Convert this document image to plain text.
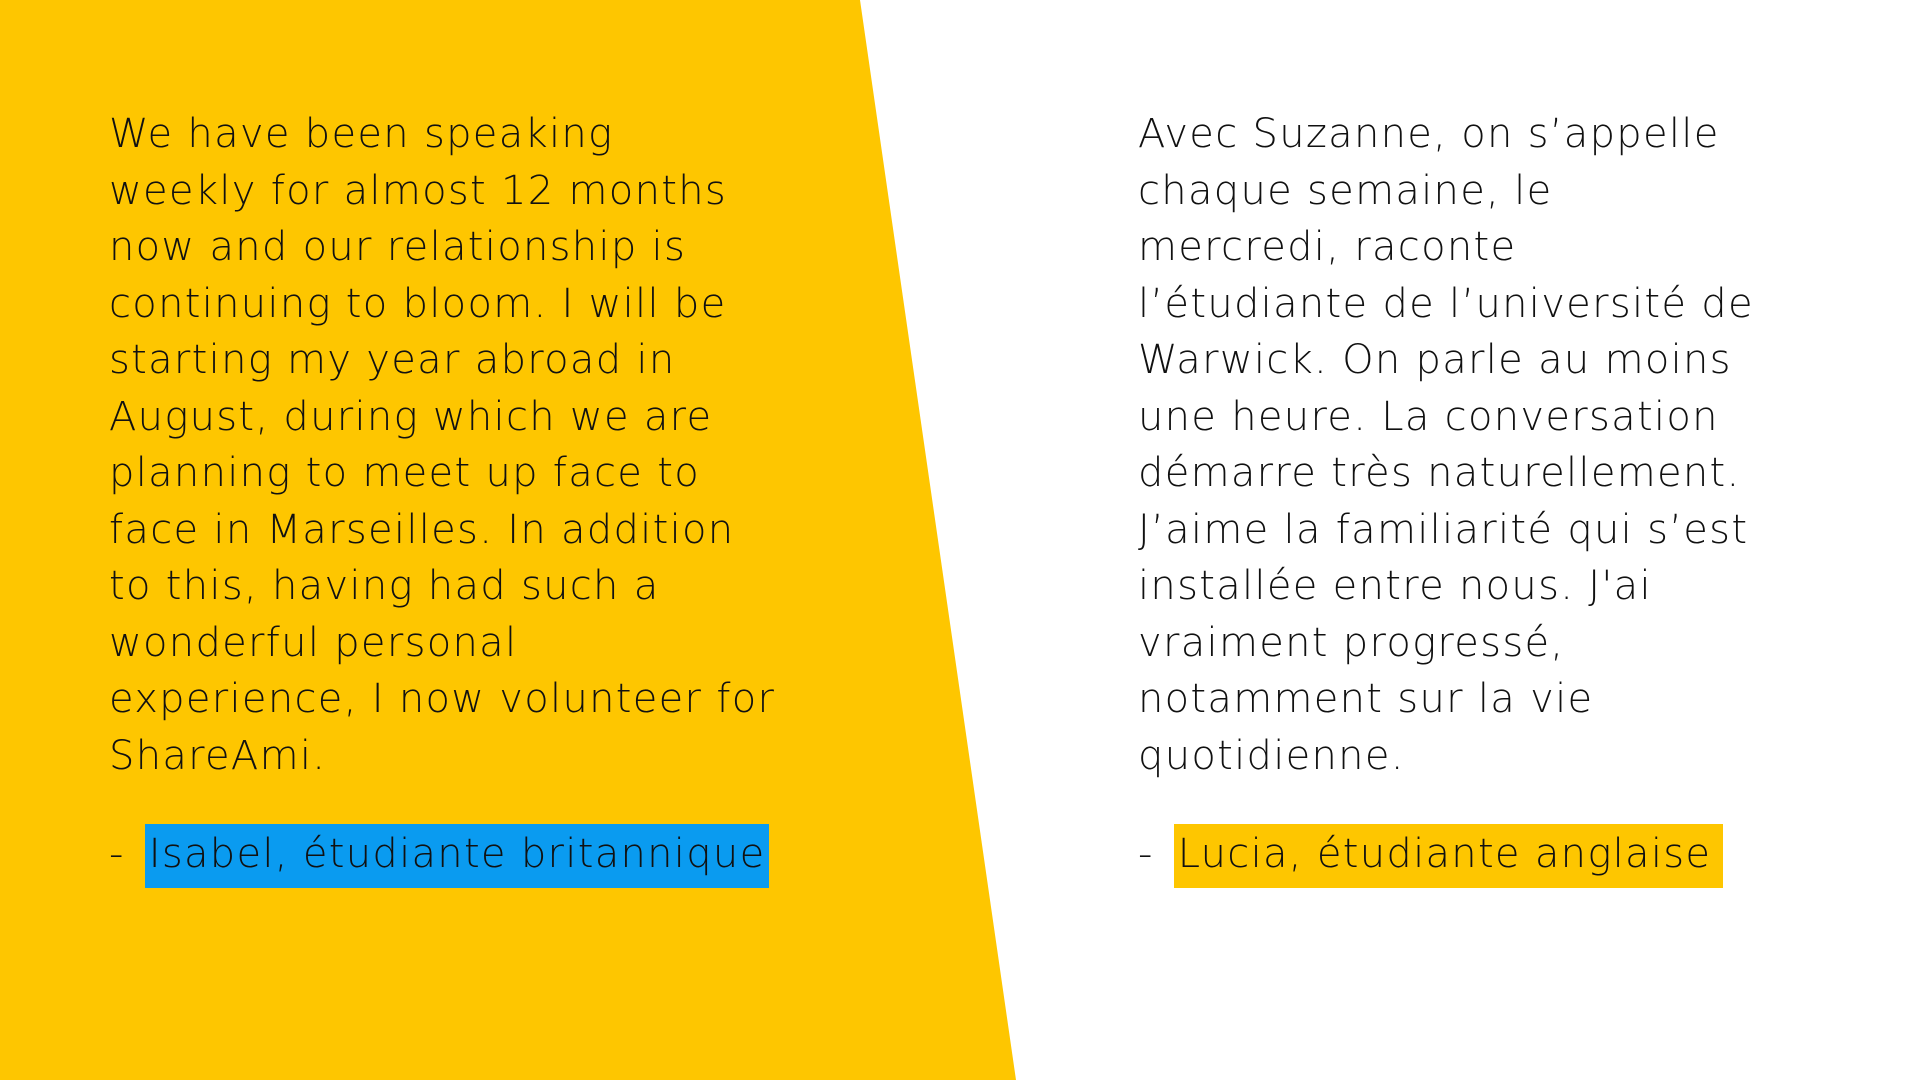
We have been speaking
weekly for almost 12 months
now and our relationship is
continuing to bloom. I will be
starting my year abroad in
August, during which we are
planning to meet up face to
face in Marseilles. In addition
to this, having had such a
wonderful personal
experience, I now volunteer for
ShareAmi.

- Isabel, étudiante britannique

Avec Suzanne, on s’appelle
chaque semaine, le
mercredi, raconte
l’étudiante de l’université de
Warwick. On parle au moins
une heure. La conversation
démarre très naturellement.
J’aime la familiarité qui s’est
installée entre nous. J'ai
vraiment progressé,
notamment sur la vie
quotidienne.

- Lucia, étudiante anglaise
